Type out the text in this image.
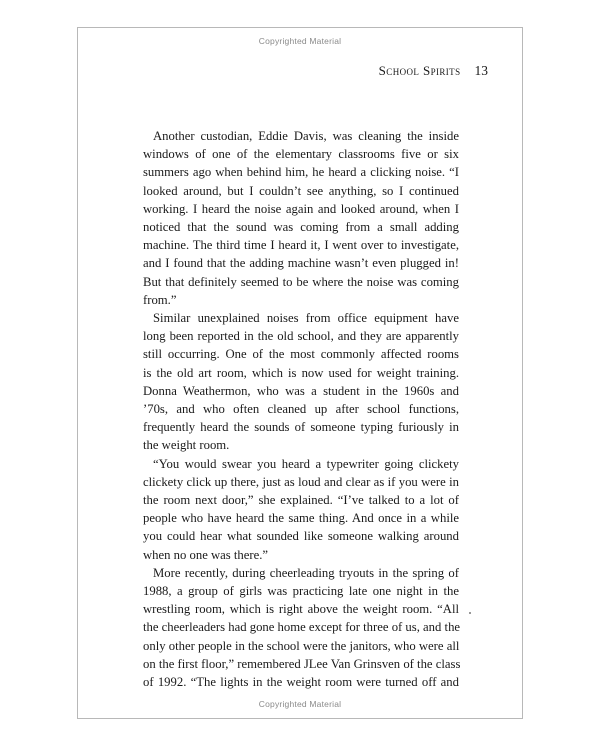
Copyrighted Material
School Spirits 13
Another custodian, Eddie Davis, was cleaning the inside
windows of one of the elementary classrooms five or six
summers ago when behind him, he heard a clicking noise. “I
looked around, but I couldn’t see anything, so I continued
working. I heard the noise again and looked around, when I
noticed that the sound was coming from a small adding
machine. The third time I heard it, I went over to investigate,
and I found that the adding machine wasn’t even plugged in!
But that definitely seemed to be where the noise was coming
from.”
Similar unexplained noises from office equipment have
long been reported in the old school, and they are apparently
still occurring. One of the most commonly affected rooms
is the old art room, which is now used for weight training.
Donna Weathermon, who was a student in the 1960s and
’70s, and who often cleaned up after school functions,
frequently heard the sounds of someone typing furiously in
the weight room.
“You would swear you heard a typewriter going clickety
clickety click up there, just as loud and clear as if you were in
the room next door,” she explained. “I’ve talked to a lot of
people who have heard the same thing. And once in a while
you could hear what sounded like someone walking around
when no one was there.”
More recently, during cheerleading tryouts in the spring of
1988, a group of girls was practicing late one night in the
wrestling room, which is right above the weight room. “All
the cheerleaders had gone home except for three of us, and the
only other people in the school were the janitors, who were all
on the first floor,” remembered JLee Van Grinsven of the class
of 1992. “The lights in the weight room were turned off and
Copyrighted Material
